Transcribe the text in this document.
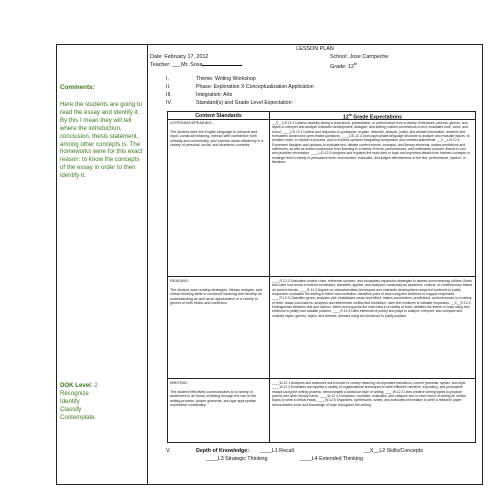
Comments:
Here the students are going to read the essay and identify it. By this I mean they will tell where the introduction, conclusion, thesis statement, among other concepts is. The homeworks were for this exact reason: to know the concepts of the essay in order to then identify it.
DOK Level: 2
Recognize
Identify
Classify
Contemplate.
LESSON PLAN
Date: February 17, 2012	School: Jose Campeche
Teacher: ___Mr. Sosa	Grade: 12th
I.	Theme: Writing Workshop
II.	Phase: Exploration X Conceptualization Application
III.	Integration: Arts
IV.	Standard(s) and Grade Level Expectation:
Content Standards	12th Grade Expectations
LISTENING/SPEAKING:
The student uses the English language to interpret and input, construct meaning, interact with confidence both verbally and nonverbally, and express ideas effectively in a variety of personal, social, and academic contexts.
__X__L/S.12.1 Listens carefully during a read aloud, presentation, or performance from a variety of literature, periods, genres, and styles to interpret and analyze character development, dialogue, and setting; makes connections to text; evaluates tone, voice, and mood. ____L/S.12.2 Listens and responds to synthesize, explain, describe, analyze, justify, and debate information; answers and formulates closed and open-ended questions. ____L/S.12.3 Uses appropriate language structure to analyze and evaluate issues, to problem solve, to explain a process, and to express opinions integrating comparison and contrast statements. __X__L/S.12.4 Expresses thoughts and opinions to evaluate text, debate current events, concepts, and literary elements; makes predictions and inferences, as well as draws conclusions from listening to a variety of texts, performances, and multimedia sources; listens to sort and prioritize information. ____L/S.12.5 Analyzes and explains the main idea or topic and important details from learned concepts or readings from a variety of persuasive texts; summarizes; evaluates, and judges effectiveness of the text, performance, speech, or literature.
READING:
The student uses reading strategies, literary analysis, and critical thinking skills to construct meaning and develop an understanding as well as an appreciation of a variety of genres of both fiction and nonfiction.
____R.12.1 Evaluates context clues, reference sources, and vocabulary expansion strategies to assess word meaning; utilizes Greek and Latin root words to extend vocabulary; classifies, applies, and analyzes vocabulary as academic, cultural, or contemporary based on current trends. ____R.12.2 Argues on characterization techniques and character development using text evidence to justify responses; evaluates the setting in fiction and nonfiction; classifies point of view using text evidence to support responses. ____R.12.3 Classifies genre; analyzes plot; establishes cause and effect; makes connections, predictions, and inferences in a variety of texts; draws conclusions; analyzes and determines conflict and resolution; uses text evidence to validate responses. __X__R.12.4 Distinguishes between fact and opinion, infers and supports the main idea in a variety of texts; debates the theme or topic using text evidence to justify and validate position. ____R.12.5 Uses elements of poetry and plays to analyze, interpret, and compare and contrast styles, genres, topics, and themes; debates using text evidence to justify position.
WRITING:
The student effectively communicates to a variety of audiences in all forms of writing through the use of the writing process, proper grammar, and age appropriate expressive vocabulary.
____W.12.1 Analyzes and assesses word choice to convey meaning; incorporates transitions, correct grammar, syntax, and style. ____W.12.2 Evaluates and applies a variety of organizational techniques to write effective narrative, expository, and persuasive essays using the writing process; demonstrates a particular style of writing. ____W.12.3 Uses creative writing styles to produce poems and other literary forms. ____W.12.4 Compares, contrasts, evaluates, and critiques two or more forms of writing on similar topics to write a critical essay. ____W.12.5 Organizes, synthesizes, writes, and evaluates information to write a research paper; demonstrates voice and knowledge of topic throughout the writing.
V.	Depth of Knowledge: ____L1 Recall	__X__L2 Skills/Concepts
____L3 Strategic Thinking	____L4 Extended Thinking
